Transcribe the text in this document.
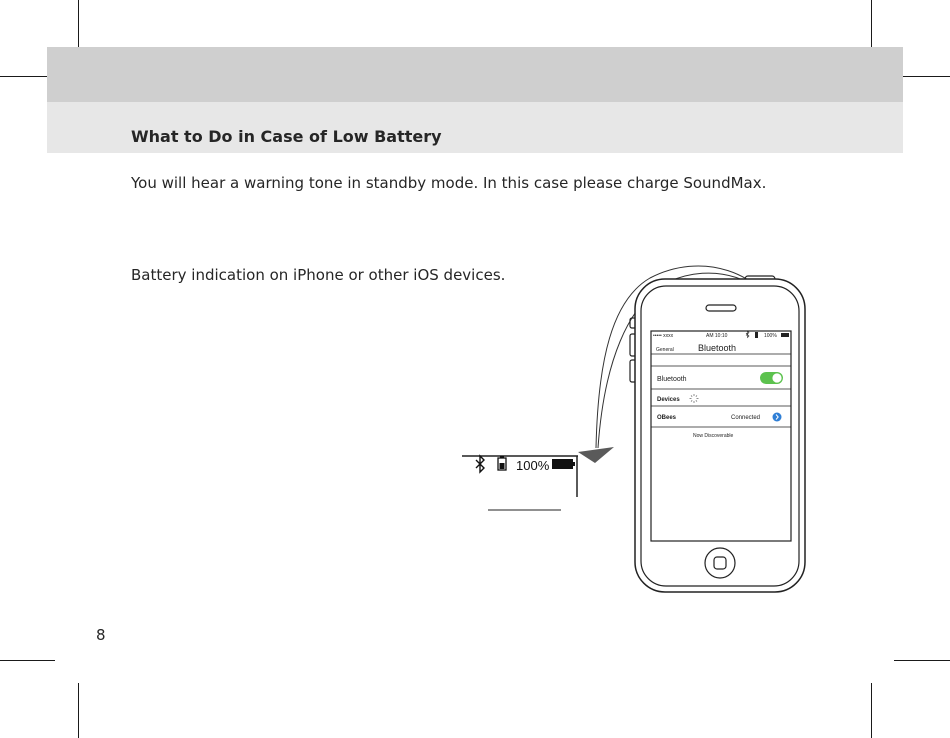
What to Do in Case of Low Battery
You will hear a warning tone in standby mode. In this case please charge SoundMax.
Battery indication on iPhone or other iOS devices.
8
100%
••••• xxxx	AM 10:10	100%
General	Bluetooth
Bluetooth
Devices
OBees	Connected
Now Discoverable
